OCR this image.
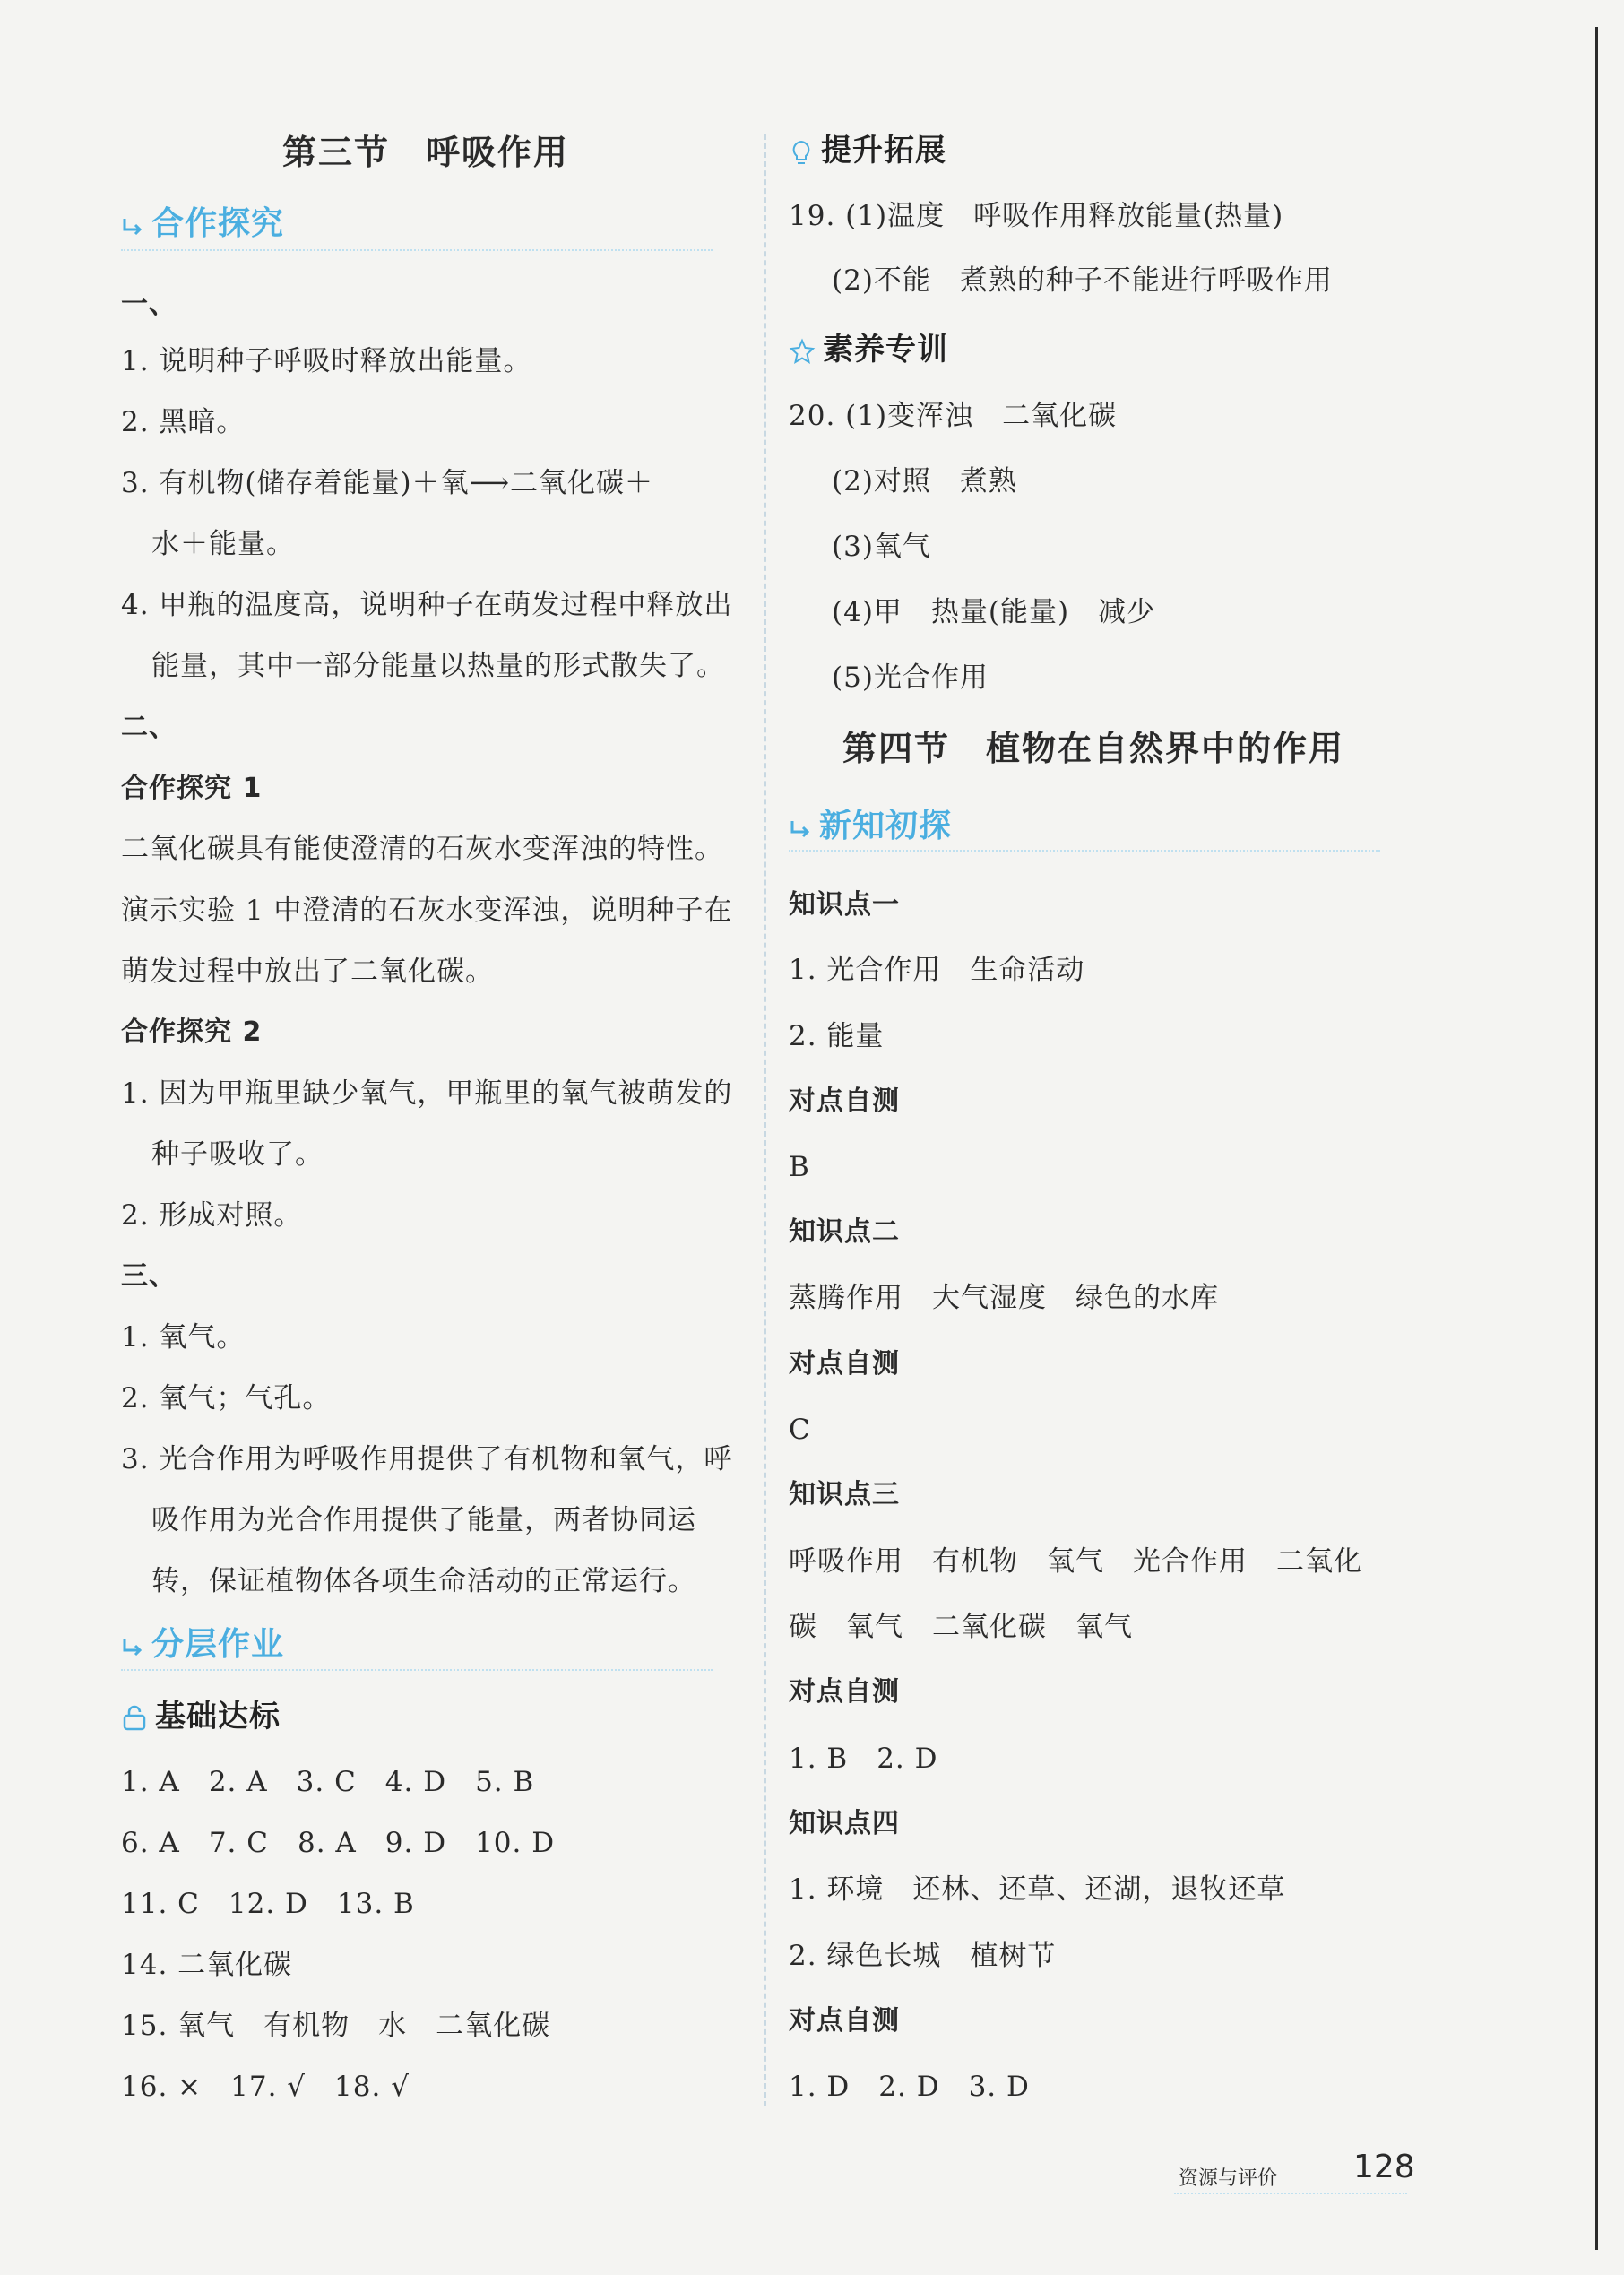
第三节　呼吸作用
合作探究
一、
1. 说明种子呼吸时释放出能量。
2. 黑暗。
3. 有机物(储存着能量)＋氧⟶二氧化碳＋
水＋能量。
4. 甲瓶的温度高，说明种子在萌发过程中释放出
能量，其中一部分能量以热量的形式散失了。
二、
合作探究 1
二氧化碳具有能使澄清的石灰水变浑浊的特性。
演示实验 1 中澄清的石灰水变浑浊，说明种子在
萌发过程中放出了二氧化碳。
合作探究 2
1. 因为甲瓶里缺少氧气，甲瓶里的氧气被萌发的
种子吸收了。
2. 形成对照。
三、
1. 氧气。
2. 氧气；气孔。
3. 光合作用为呼吸作用提供了有机物和氧气，呼
吸作用为光合作用提供了能量，两者协同运
转，保证植物体各项生命活动的正常运行。
分层作业
基础达标
1. A　2. A　3. C　4. D　5. B
6. A　7. C　8. A　9. D　10. D
11. C　12. D　13. B
14. 二氧化碳
15. 氧气　有机物　水　二氧化碳
16. ×　17. √　18. √
提升拓展
19. (1)温度　呼吸作用释放能量(热量)
(2)不能　煮熟的种子不能进行呼吸作用
素养专训
20. (1)变浑浊　二氧化碳
(2)对照　煮熟
(3)氧气
(4)甲　热量(能量)　减少
(5)光合作用
第四节　植物在自然界中的作用
新知初探
知识点一
1. 光合作用　生命活动
2. 能量
对点自测
B
知识点二
蒸腾作用　大气湿度　绿色的水库
对点自测
C
知识点三
呼吸作用　有机物　氧气　光合作用　二氧化
碳　氧气　二氧化碳　氧气
对点自测
1. B　2. D
知识点四
1. 环境　还林、还草、还湖，退牧还草
2. 绿色长城　植树节
对点自测
1. D　2. D　3. D
资源与评价 128
